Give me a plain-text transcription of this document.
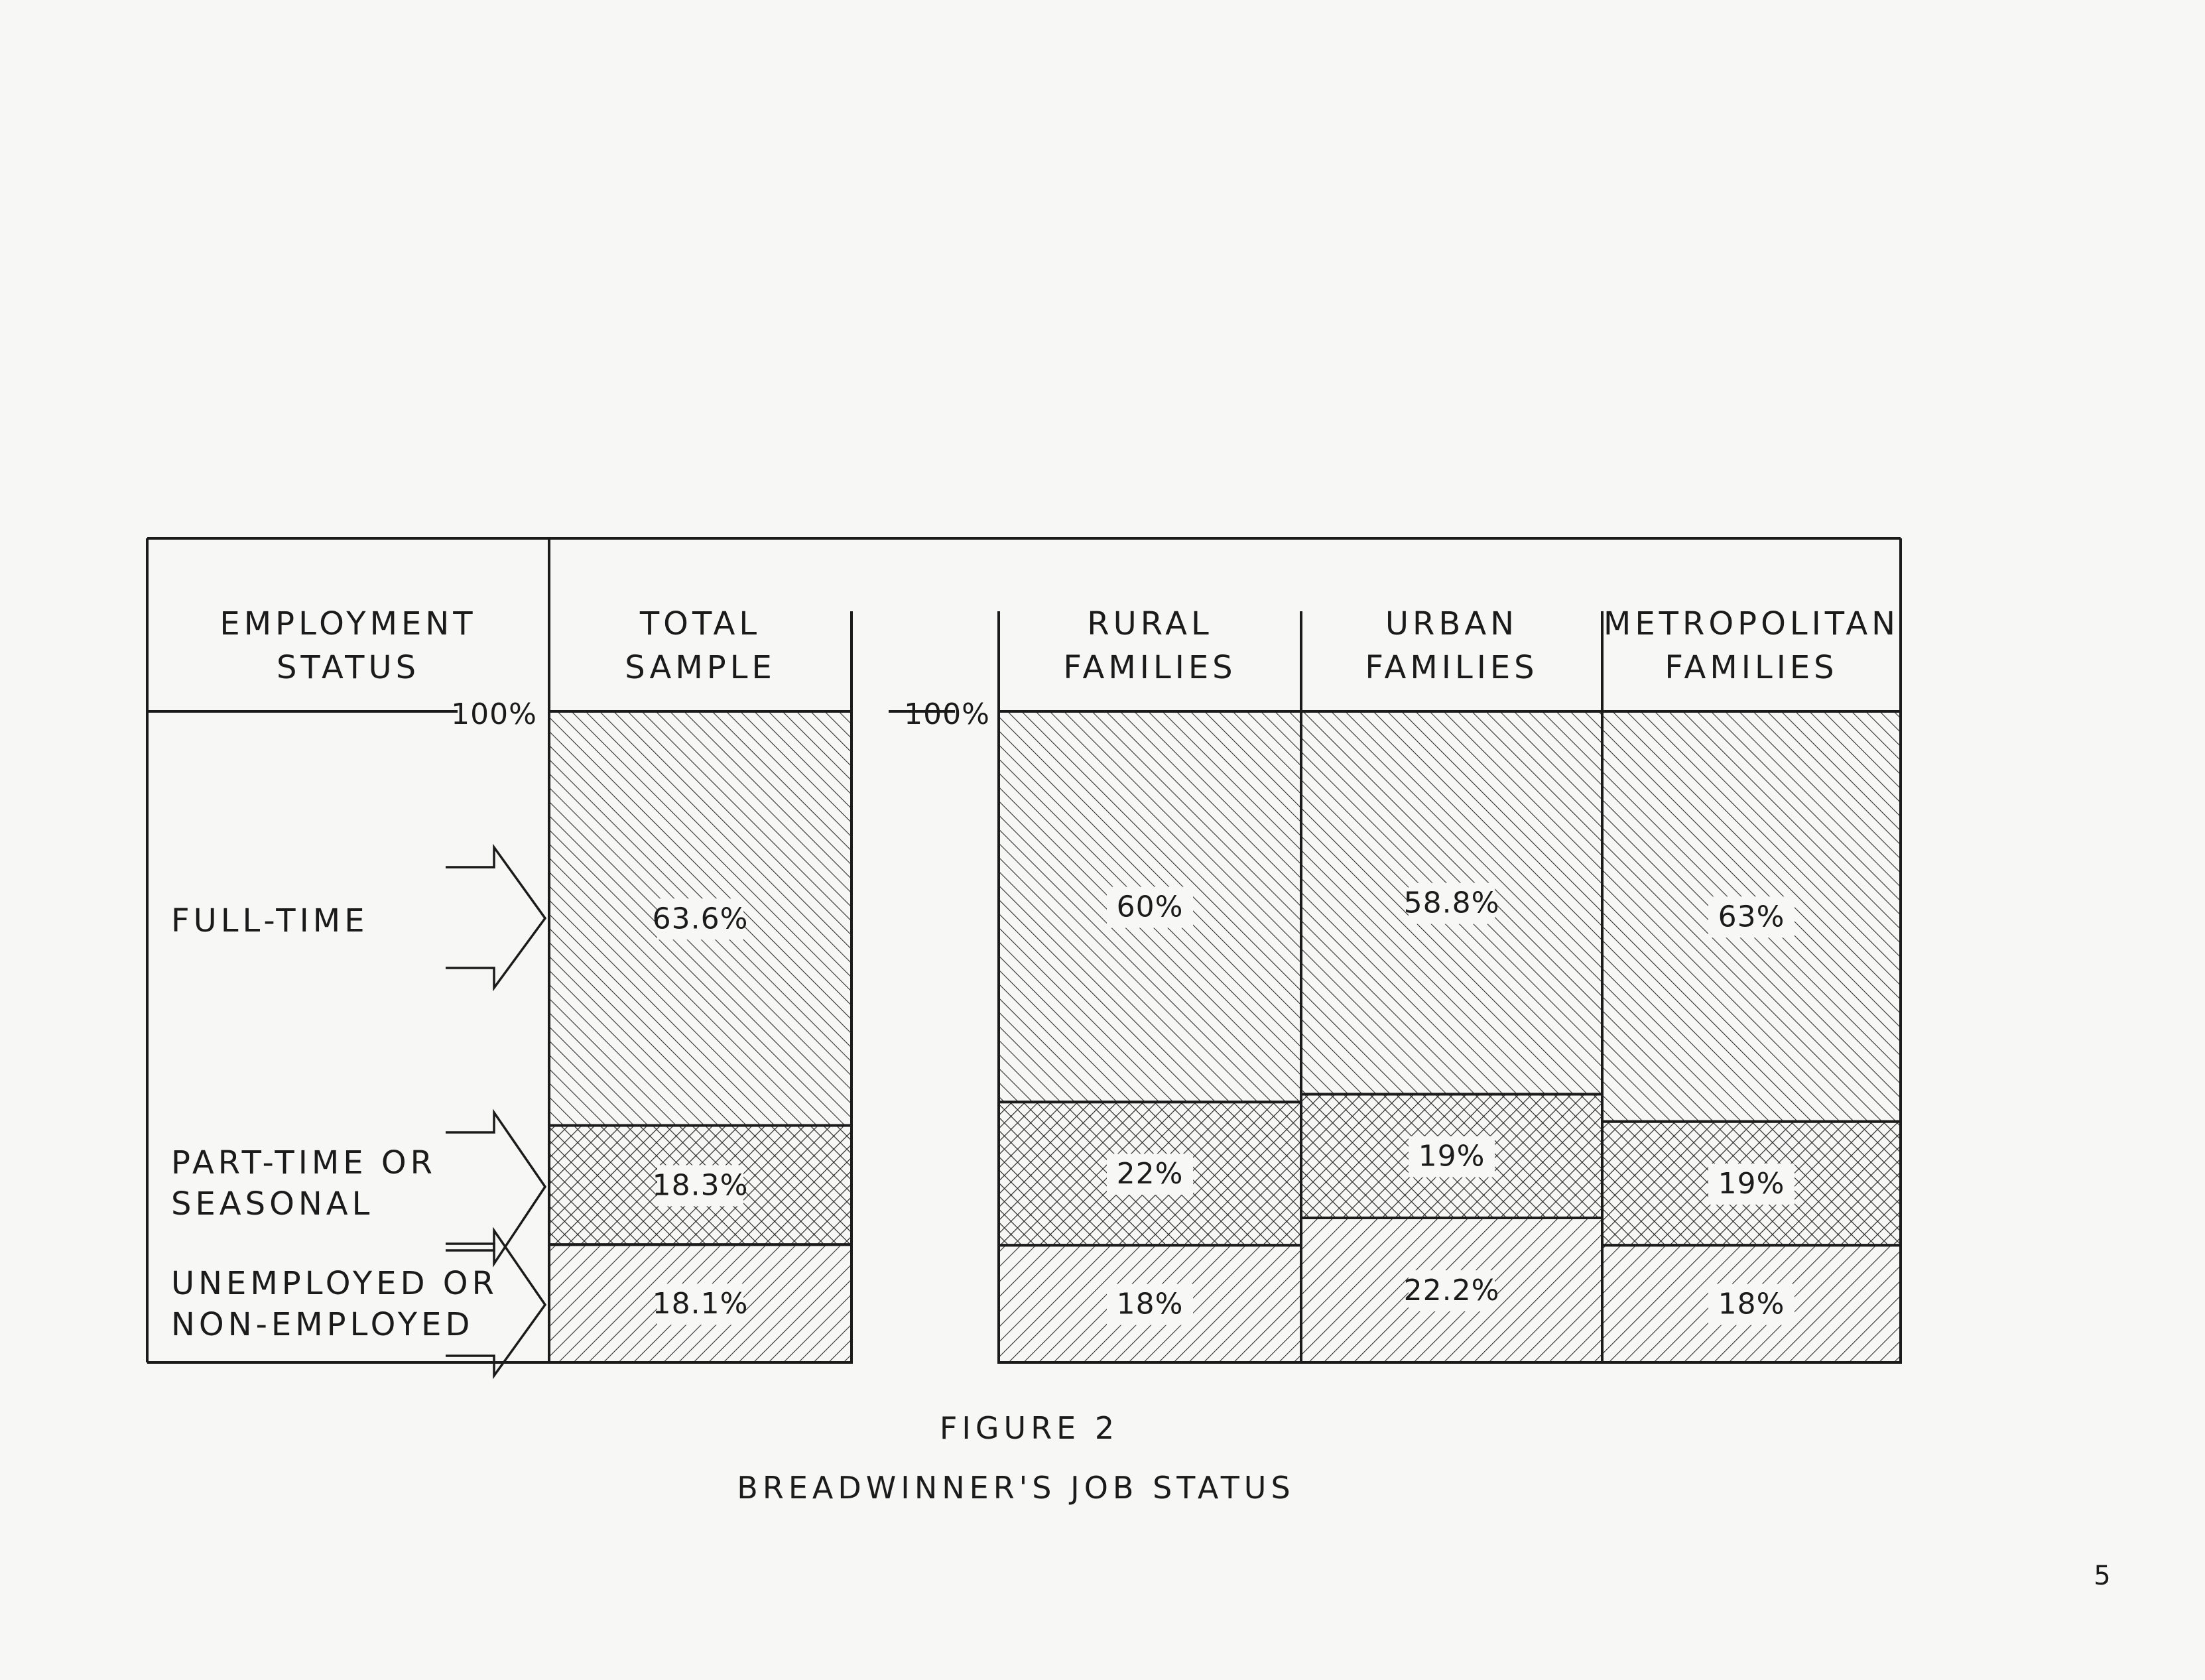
18.1%
18.3%
63.6%
18%
22%
60%
22.2%
19%
58.8%
18%
19%
63%
100%	100%
TOTAL
SAMPLE
RURAL
FAMILIES
URBAN
FAMILIES
METROPOLITAN
FAMILIES
EMPLOYMENT
STATUS
FULL-TIME
PART-TIME OR
SEASONAL
UNEMPLOYED OR
NON-EMPLOYED
FIGURE 2
BREADWINNER'S JOB STATUS
5
